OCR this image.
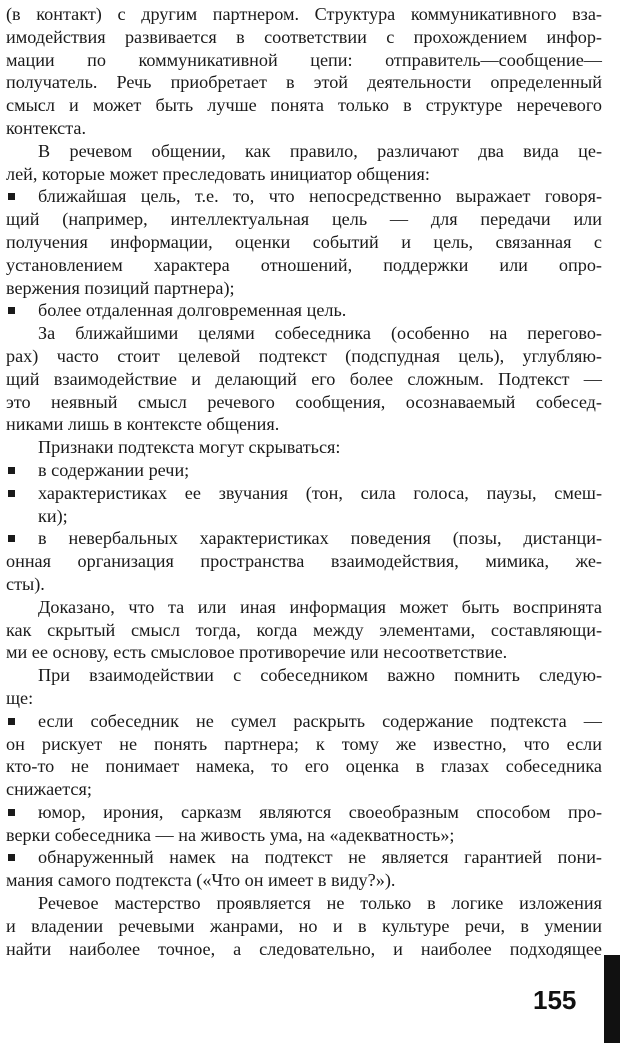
(в контакт) с другим партнером. Структура коммуникативного вза-
имодействия развивается в соответствии с прохождением инфор-
мации по коммуникативной цепи: отправитель—сообщение—
получатель. Речь приобретает в этой деятельности определенный
смысл и может быть лучше понята только в структуре неречевого
контекста.
В речевом общении, как правило, различают два вида це-
лей, которые может преследовать инициатор общения:
ближайшая цель, т.е. то, что непосредственно выражает говоря-
щий (например, интеллектуальная цель — для передачи или
получения информации, оценки событий и цель, связанная с
установлением характера отношений, поддержки или опро-
вержения позиций партнера);
более отдаленная долговременная цель.
За ближайшими целями собеседника (особенно на перегово-
рах) часто стоит целевой подтекст (подспудная цель), углубляю-
щий взаимодействие и делающий его более сложным. Подтекст —
это неявный смысл речевого сообщения, осознаваемый собесед-
никами лишь в контексте общения.
Признаки подтекста могут скрываться:
в содержании речи;
характеристиках ее звучания (тон, сила голоса, паузы, смеш-
ки);
в невербальных характеристиках поведения (позы, дистанци-
онная организация пространства взаимодействия, мимика, же-
сты).
Доказано, что та или иная информация может быть воспринята
как скрытый смысл тогда, когда между элементами, составляющи-
ми ее основу, есть смысловое противоречие или несоответствие.
При взаимодействии с собеседником важно помнить следую-
ще:
если собеседник не сумел раскрыть содержание подтекста —
он рискует не понять партнера; к тому же известно, что если
кто-то не понимает намека, то его оценка в глазах собеседника
снижается;
юмор, ирония, сарказм являются своеобразным способом про-
верки собеседника — на живость ума, на «адекватность»;
обнаруженный намек на подтекст не является гарантией пони-
мания самого подтекста («Что он имеет в виду?»).
Речевое мастерство проявляется не только в логике изложения
и владении речевыми жанрами, но и в культуре речи, в умении
найти наиболее точное, а следовательно, и наиболее подходящее
155
